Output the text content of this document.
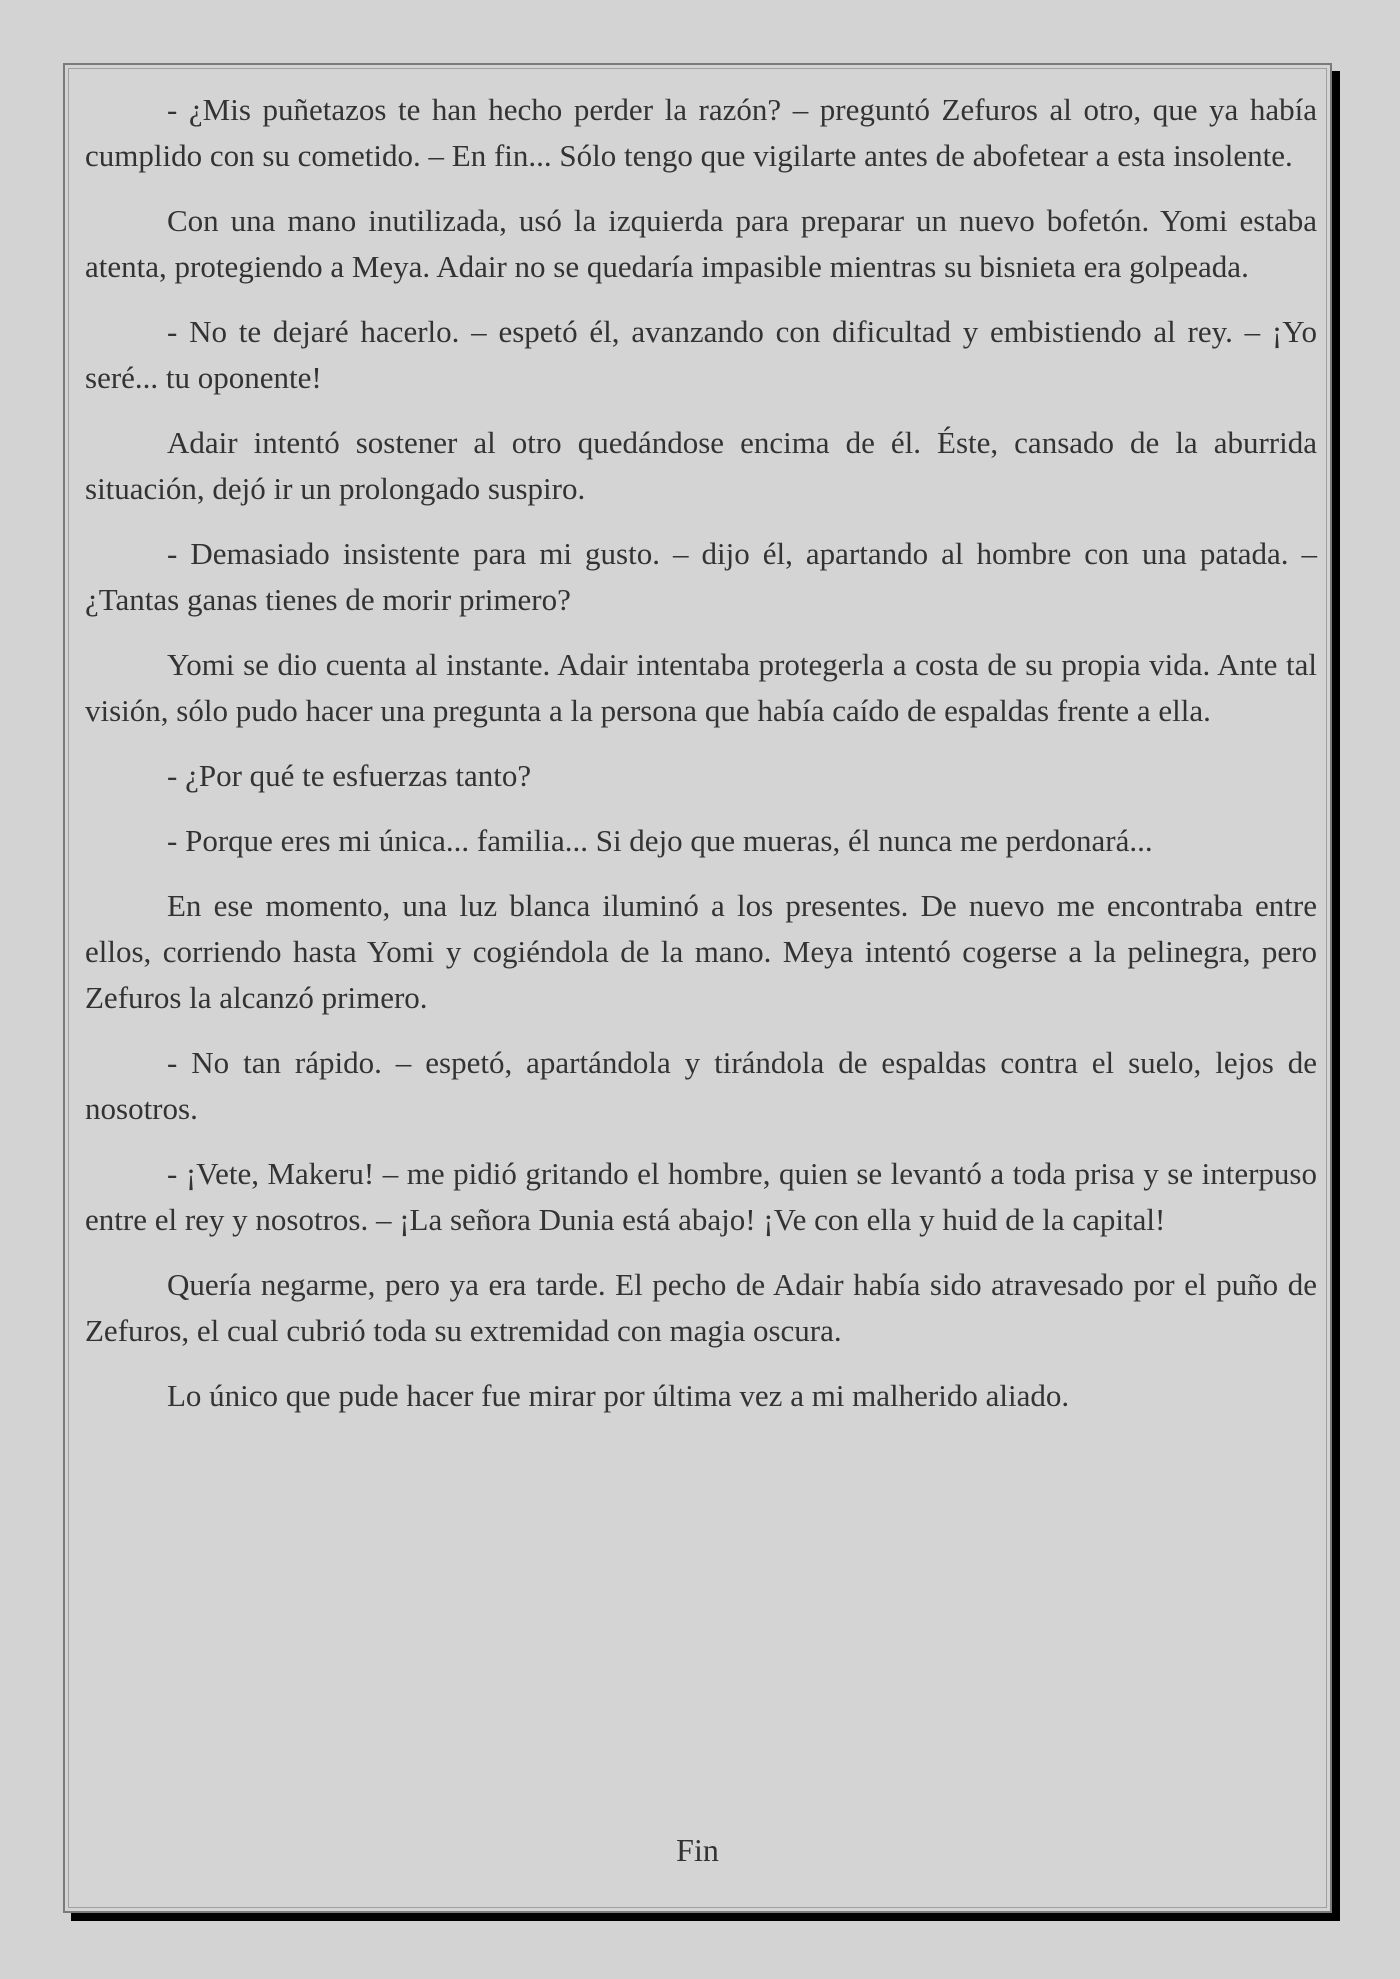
- ¿Mis puñetazos te han hecho perder la razón? – preguntó Zefuros al otro, que ya había cumplido con su cometido. – En fin... Sólo tengo que vigilarte antes de abofetear a esta insolente.

Con una mano inutilizada, usó la izquierda para preparar un nuevo bofetón. Yomi estaba atenta, protegiendo a Meya. Adair no se quedaría impasible mientras su bisnieta era golpeada.

- No te dejaré hacerlo. – espetó él, avanzando con dificultad y embistiendo al rey. – ¡Yo seré... tu oponente!

Adair intentó sostener al otro quedándose encima de él. Éste, cansado de la aburrida situación, dejó ir un prolongado suspiro.

- Demasiado insistente para mi gusto. – dijo él, apartando al hombre con una patada. – ¿Tantas ganas tienes de morir primero?

Yomi se dio cuenta al instante. Adair intentaba protegerla a costa de su propia vida. Ante tal visión, sólo pudo hacer una pregunta a la persona que había caído de espaldas frente a ella.

- ¿Por qué te esfuerzas tanto?

- Porque eres mi única... familia... Si dejo que mueras, él nunca me perdonará...

En ese momento, una luz blanca iluminó a los presentes. De nuevo me encontraba entre ellos, corriendo hasta Yomi y cogiéndola de la mano. Meya intentó cogerse a la pelinegra, pero Zefuros la alcanzó primero.

- No tan rápido. – espetó, apartándola y tirándola de espaldas contra el suelo, lejos de nosotros.

- ¡Vete, Makeru! – me pidió gritando el hombre, quien se levantó a toda prisa y se interpuso entre el rey y nosotros. – ¡La señora Dunia está abajo! ¡Ve con ella y huid de la capital!

Quería negarme, pero ya era tarde. El pecho de Adair había sido atravesado por el puño de Zefuros, el cual cubrió toda su extremidad con magia oscura.

Lo único que pude hacer fue mirar por última vez a mi malherido aliado.

Fin
